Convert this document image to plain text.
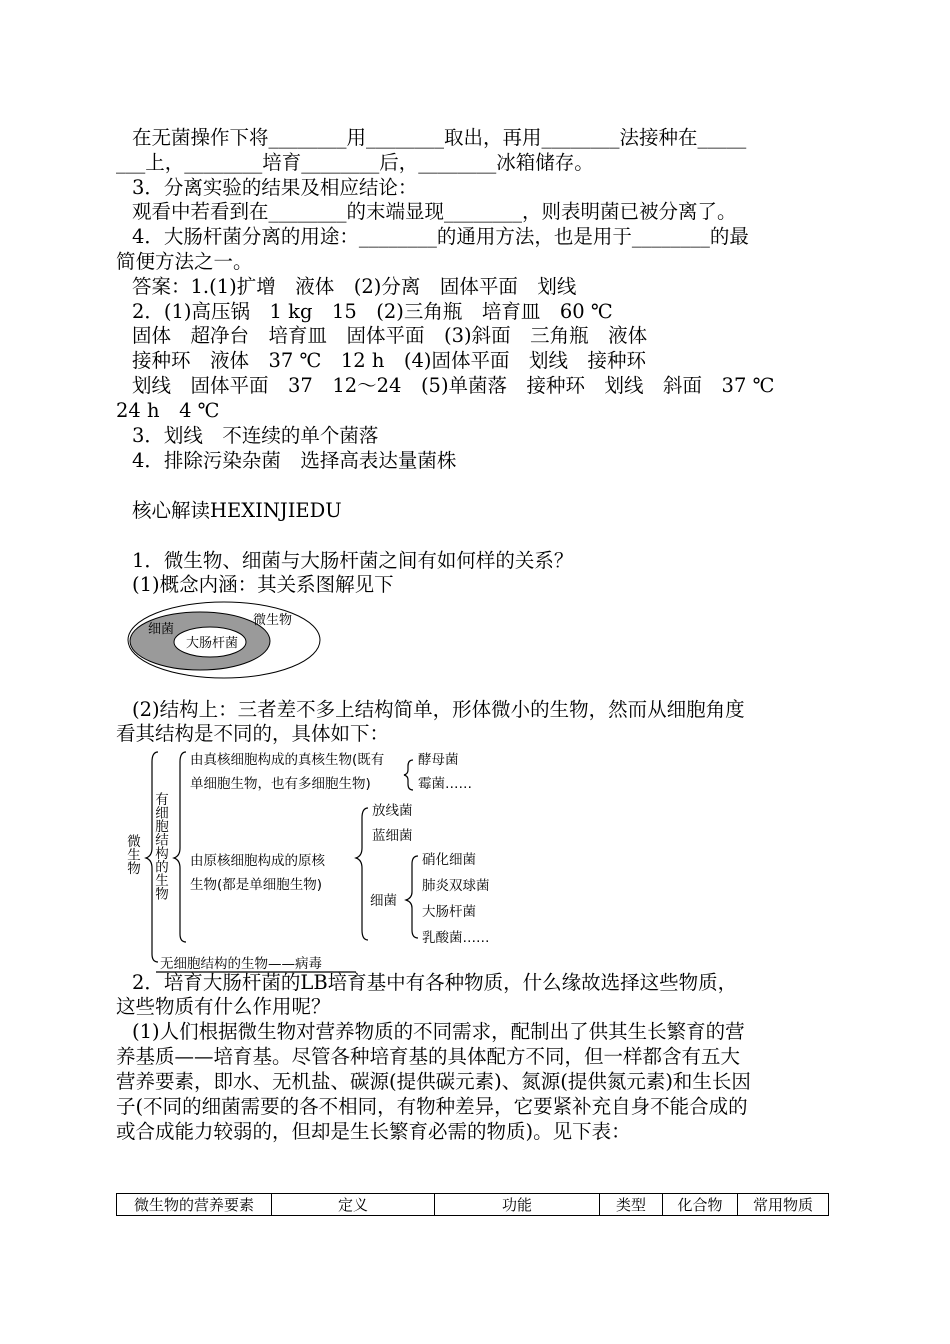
在无菌操作下将________用________取出，再用________法接种在_____
___上，________培育________后，________冰箱储存。
3．分离实验的结果及相应结论：
观看中若看到在________的末端显现________，则表明菌已被分离了。
4．大肠杆菌分离的用途：________的通用方法，也是用于________的最
简便方法之一。
答案：1.(1)扩增　液体　(2)分离　固体平面　划线
2．(1)高压锅　1 kg　15　(2)三角瓶　培育皿　60 ℃
固体　超净台　培育皿　固体平面　(3)斜面　三角瓶　液体
接种环　液体　37 ℃　12 h　(4)固体平面　划线　接种环
划线　固体平面　37　12～24　(5)单菌落　接种环　划线　斜面　37 ℃
24 h　4 ℃
3．划线　不连续的单个菌落
4．排除污染杂菌　选择高表达量菌株
核心解读HEXINJIEDU
1．微生物、细菌与大肠杆菌之间有如何样的关系？
(1)概念内涵：其关系图解见下
微生物
细菌
大肠杆菌
(2)结构上：三者差不多上结构简单，形体微小的生物，然而从细胞角度
看其结构是不同的，具体如下：
微生物 有细胞结构的生物
由真核细胞构成的真核生物(既有
单细胞生物，也有多细胞生物)
酵母菌
霉菌……
由原核细胞构成的原核
生物(都是单细胞生物)
放线菌
蓝细菌
细菌
硝化细菌
肺炎双球菌
大肠杆菌
乳酸菌……
无细胞结构的生物——病毒
2．培育大肠杆菌的LB培育基中有各种物质，什么缘故选择这些物质，
这些物质有什么作用呢？
(1)人们根据微生物对营养物质的不同需求，配制出了供其生长繁育的营
养基质——培育基。尽管各种培育基的具体配方不同，但一样都含有五大
营养要素，即水、无机盐、碳源(提供碳元素)、氮源(提供氮元素)和生长因
子(不同的细菌需要的各不相同，有物种差异，它要紧补充自身不能合成的
或合成能力较弱的，但却是生长繁育必需的物质)。见下表：
微生物的营养要素	定义	功能	类型	化合物	常用物质
